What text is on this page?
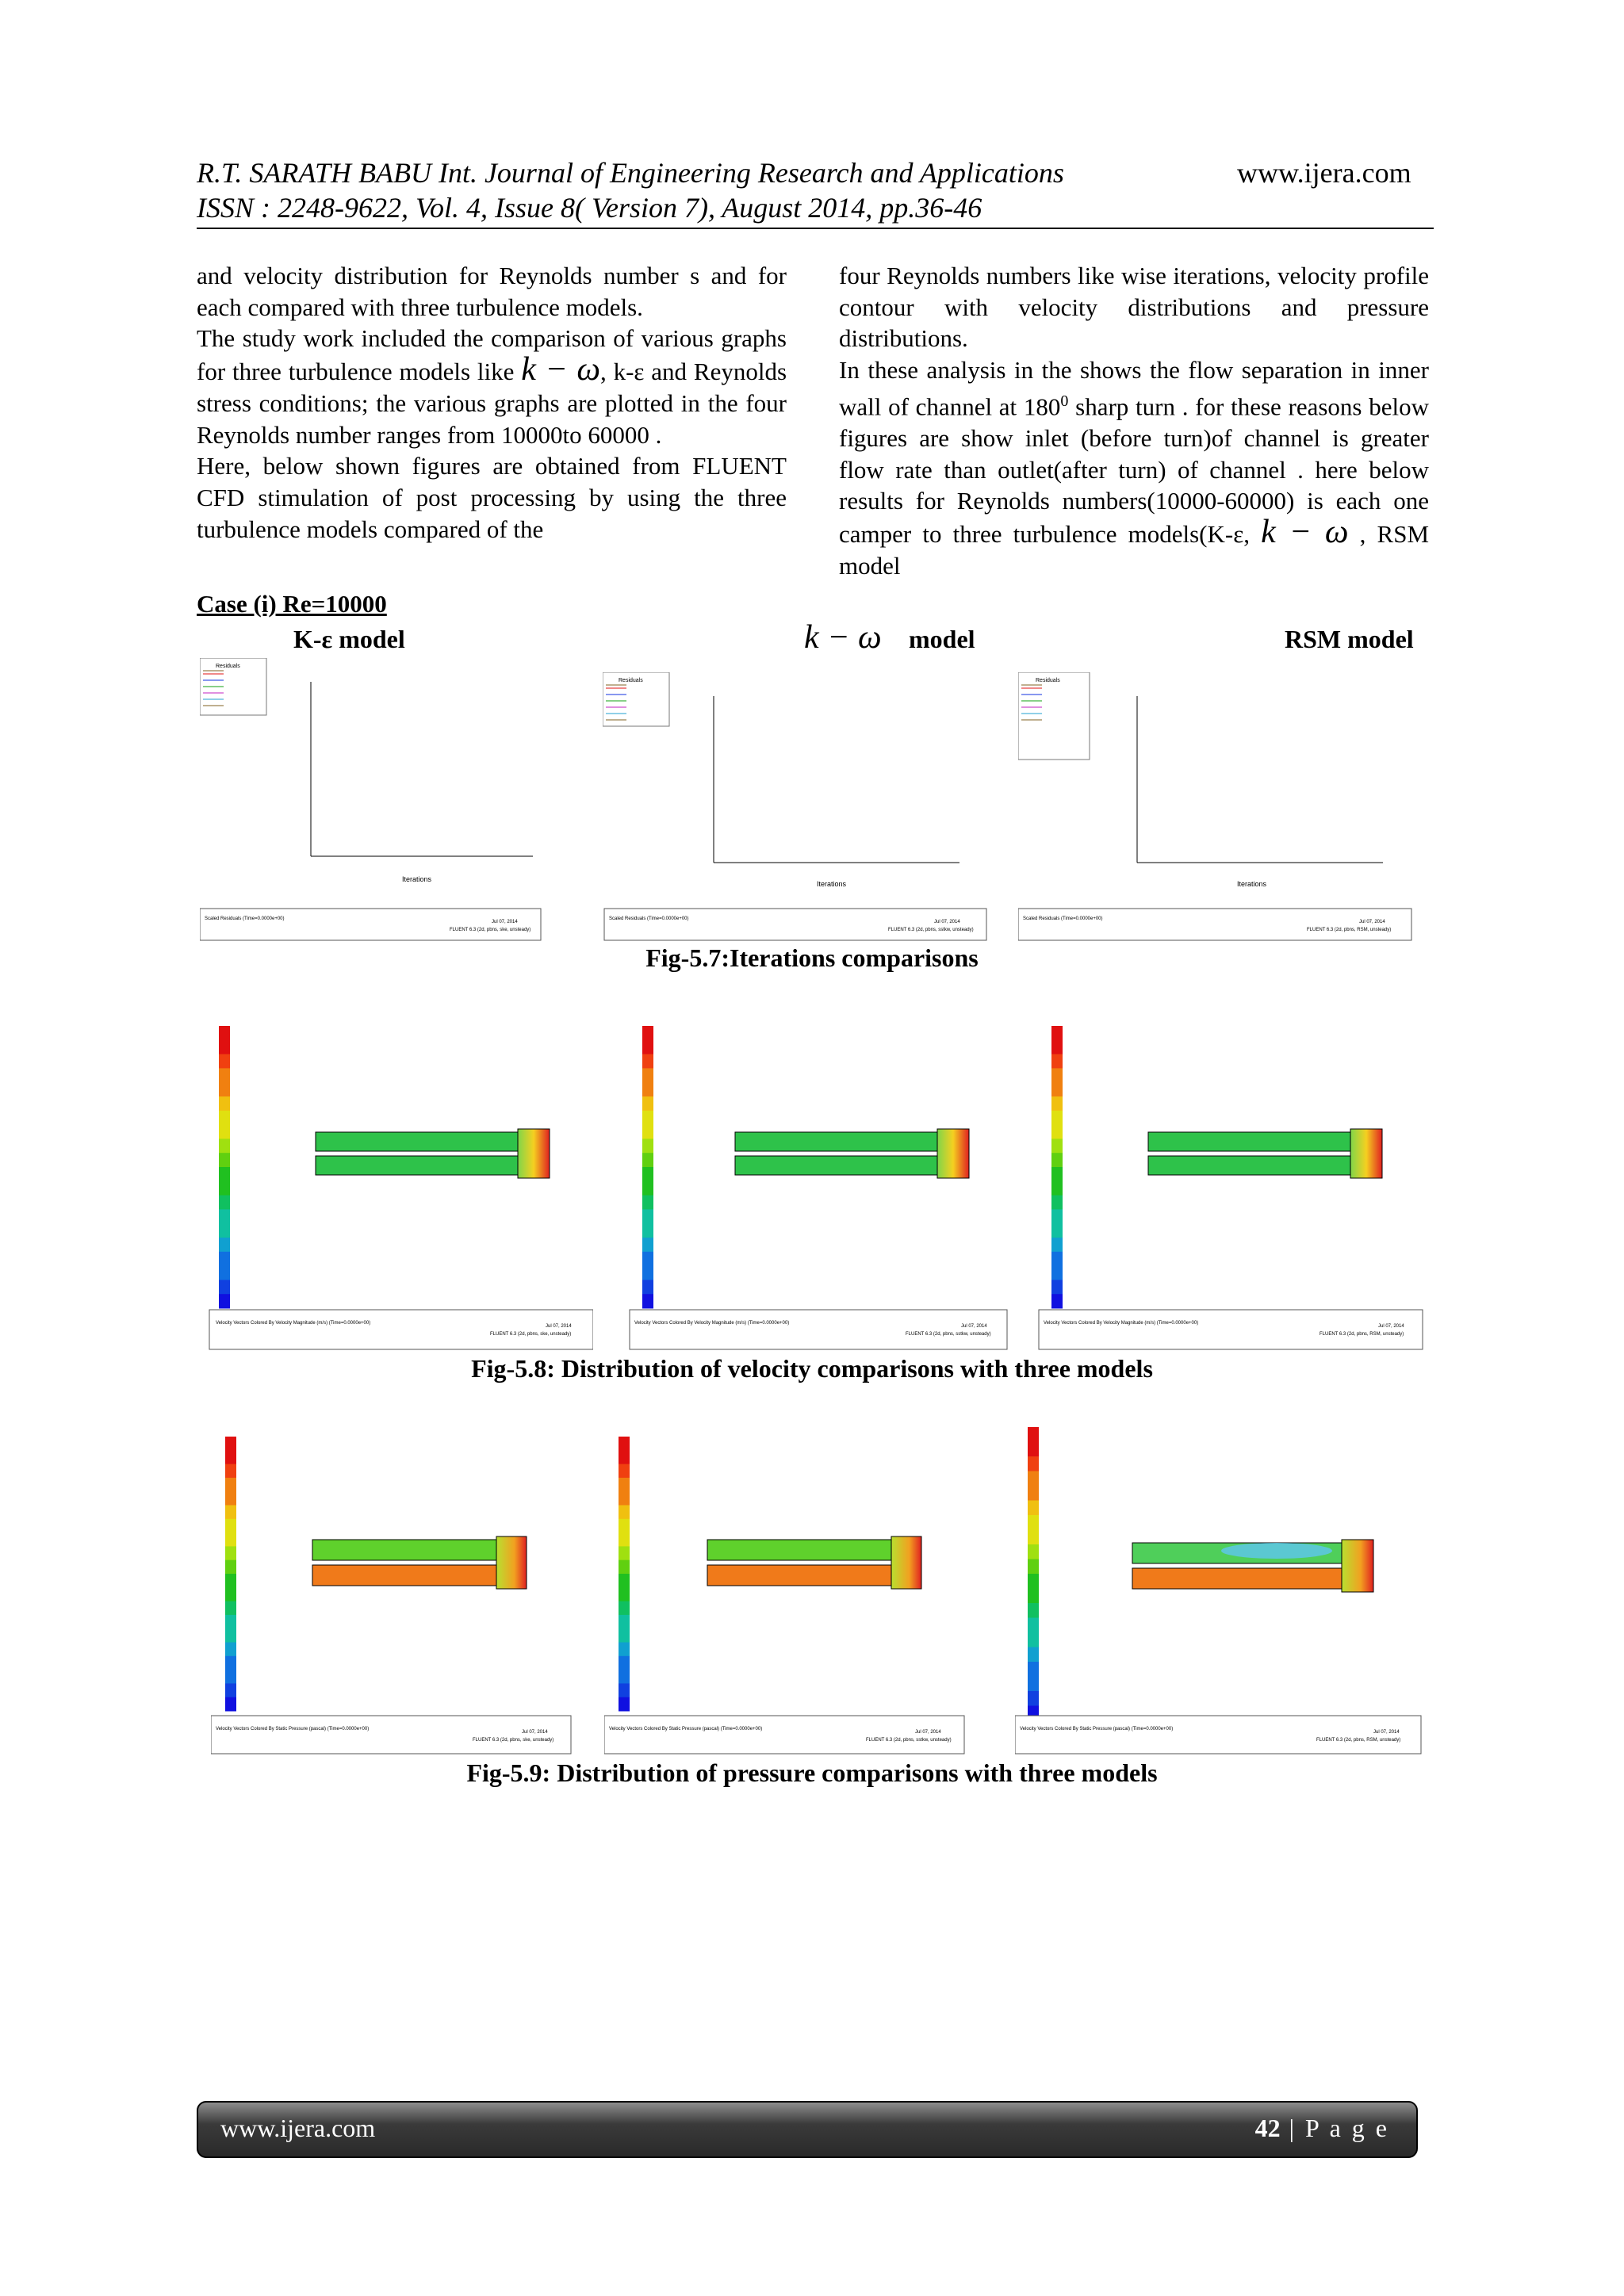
R.T. SARATH BABU Int. Journal of Engineering Research and Applications	www.ijera.com
ISSN : 2248-9622, Vol. 4, Issue 8( Version 7), August 2014, pp.36-46

and velocity distribution for Reynolds number s and for each compared with three turbulence models.

The study work included the comparison of various graphs for three turbulence models like k − ω, k-ε and Reynolds stress conditions; the various graphs are plotted in the four Reynolds number ranges from 10000to 60000 .

Here, below shown figures are obtained from FLUENT CFD stimulation of post processing by using the three turbulence models compared of the

four Reynolds numbers like wise iterations, velocity profile contour with velocity distributions and pressure distributions.

In these analysis in the shows the flow separation in inner wall of channel at $180^0$ sharp turn . for these reasons below figures are show inlet (before turn)of channel is greater flow rate than outlet(after turn) of channel . here below results for Reynolds numbers(10000-60000) is each one camper to three turbulence models(K-ε, k − ω , RSM model

Case (i) Re=10000
K-ε model	k − ω model	RSM model
Residuals
Iterations
Scaled Residuals (Time=0.0000e+00)
Jul 07, 2014
FLUENT 6.3 (2d, pbns, ske, unsteady)
Residuals
Iterations
Scaled Residuals (Time=0.0000e+00)
Jul 07, 2014
FLUENT 6.3 (2d, pbns, sstkw, unsteady)
Residuals
Iterations
Scaled Residuals (Time=0.0000e+00)
Jul 07, 2014
FLUENT 6.3 (2d, pbns, RSM, unsteady)
Fig-5.7:Iterations comparisons
Velocity Vectors Colored By Velocity Magnitude (m/s) (Time=0.0000e+00)
Jul 07, 2014
FLUENT 6.3 (2d, pbns, ske, unsteady)
Velocity Vectors Colored By Velocity Magnitude (m/s) (Time=0.0000e+00)
Jul 07, 2014
FLUENT 6.3 (2d, pbns, sstkw, unsteady)
Velocity Vectors Colored By Velocity Magnitude (m/s) (Time=0.0000e+00)
Jul 07, 2014
FLUENT 6.3 (2d, pbns, RSM, unsteady)
Fig-5.8: Distribution of velocity comparisons with three models
Velocity Vectors Colored By Static Pressure (pascal) (Time=0.0000e+00)
Jul 07, 2014
FLUENT 6.3 (2d, pbns, ske, unsteady)
Velocity Vectors Colored By Static Pressure (pascal) (Time=0.0000e+00)
Jul 07, 2014
FLUENT 6.3 (2d, pbns, sstkw, unsteady)
Velocity Vectors Colored By Static Pressure (pascal) (Time=0.0000e+00)
Jul 07, 2014
FLUENT 6.3 (2d, pbns, RSM, unsteady)
Fig-5.9: Distribution of pressure comparisons with three models
www.ijera.com	42 | P a g e
